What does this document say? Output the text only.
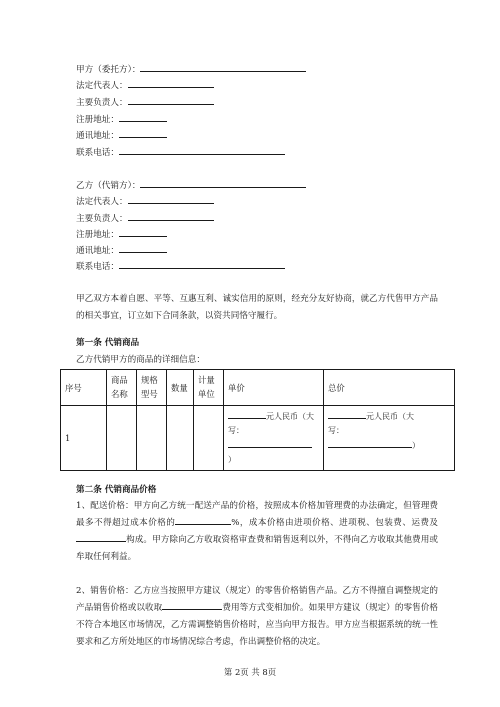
甲方（委托方）：
法定代表人：
主要负责人：
注册地址：
通讯地址：
联系电话：
乙方（代销方）：
法定代表人：
主要负责人：
注册地址：
通讯地址：
联系电话：
甲乙双方本着自愿、平等、互惠互利、诚实信用的原则，经充分友好协商，就乙方代售甲方产品的相关事宜，订立如下合同条款，以资共同恪守履行。
第一条 代销商品
乙方代销甲方的商品的详细信息：
序号	商品名称	规格型号	数量	计量单位	单价	总价
1					元人民币（大
写：
）	元人民币（大
写：
）
第二条 代销商品价格
1、配送价格：甲方向乙方统一配送产品的价格，按照成本价格加管理费的办法确定，但管理费最多不得超过成本价格的	%，成本价格由进项价格、进项税、包装费、运费及构成。甲方除向乙方收取资格审查费和销售返利以外，不得向乙方收取其他费用或牟取任何利益。
2、销售价格：乙方应当按照甲方建议（规定）的零售价格销售产品。乙方不得擅自调整规定的产品销售价格或以收取	费用等方式变相加价。如果甲方建议（规定）的零售价格不符合本地区市场情况，乙方需调整销售价格时，应当向甲方报告。甲方应当根据系统的统一性要求和乙方所处地区的市场情况综合考虑，作出调整价格的决定。
第 2页 共 8页
